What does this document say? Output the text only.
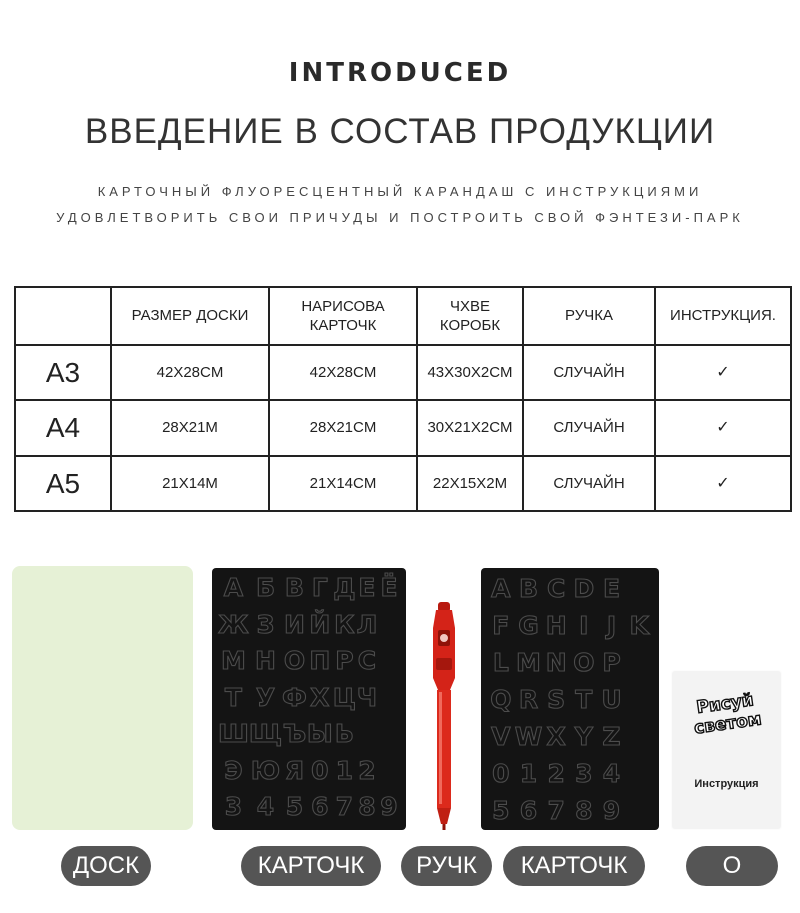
INTRODUCED
ВВЕДЕНИЕ В СОСТАВ ПРОДУКЦИИ
КАРТОЧНЫЙ ФЛУОРЕСЦЕНТНЫЙ КАРАНДАШ С ИНСТРУКЦИЯМИ
УДОВЛЕТВОРИТЬ СВОИ ПРИЧУДЫ И ПОСТРОИТЬ СВОЙ ФЭНТЕЗИ-ПАРК
	РАЗМЕР ДОСКИ	НАРИСОВА КАРТОЧК	ЧХВЕ КОРОБК	РУЧКА	ИНСТРУКЦИЯ.
A3	42X28CM	42X28CM	43X30X2CM	СЛУЧАЙН	✓
A4	28X21M	28X21CM	30X21X2CM	СЛУЧАЙН	✓
A5	21X14M	21X14CM	22X15X2M	СЛУЧАЙН	✓
А Б В Г Д Е Ё
Ж З И Й К Л
М Н О П Р С
Т У Ф Х Ц Ч
Ш Щ Ъ Ы Ь
Э Ю Я 0 1 2
3 4 5 6 7 8 9
A B C D E
F G H I J K
L M N O P
Q R S T U
V W X Y Z
0 1 2 3 4
5 6 7 8 9
Рисуй светом
Инструкция
ДОСК	КАРТОЧК	РУЧК	КАРТОЧК	О
